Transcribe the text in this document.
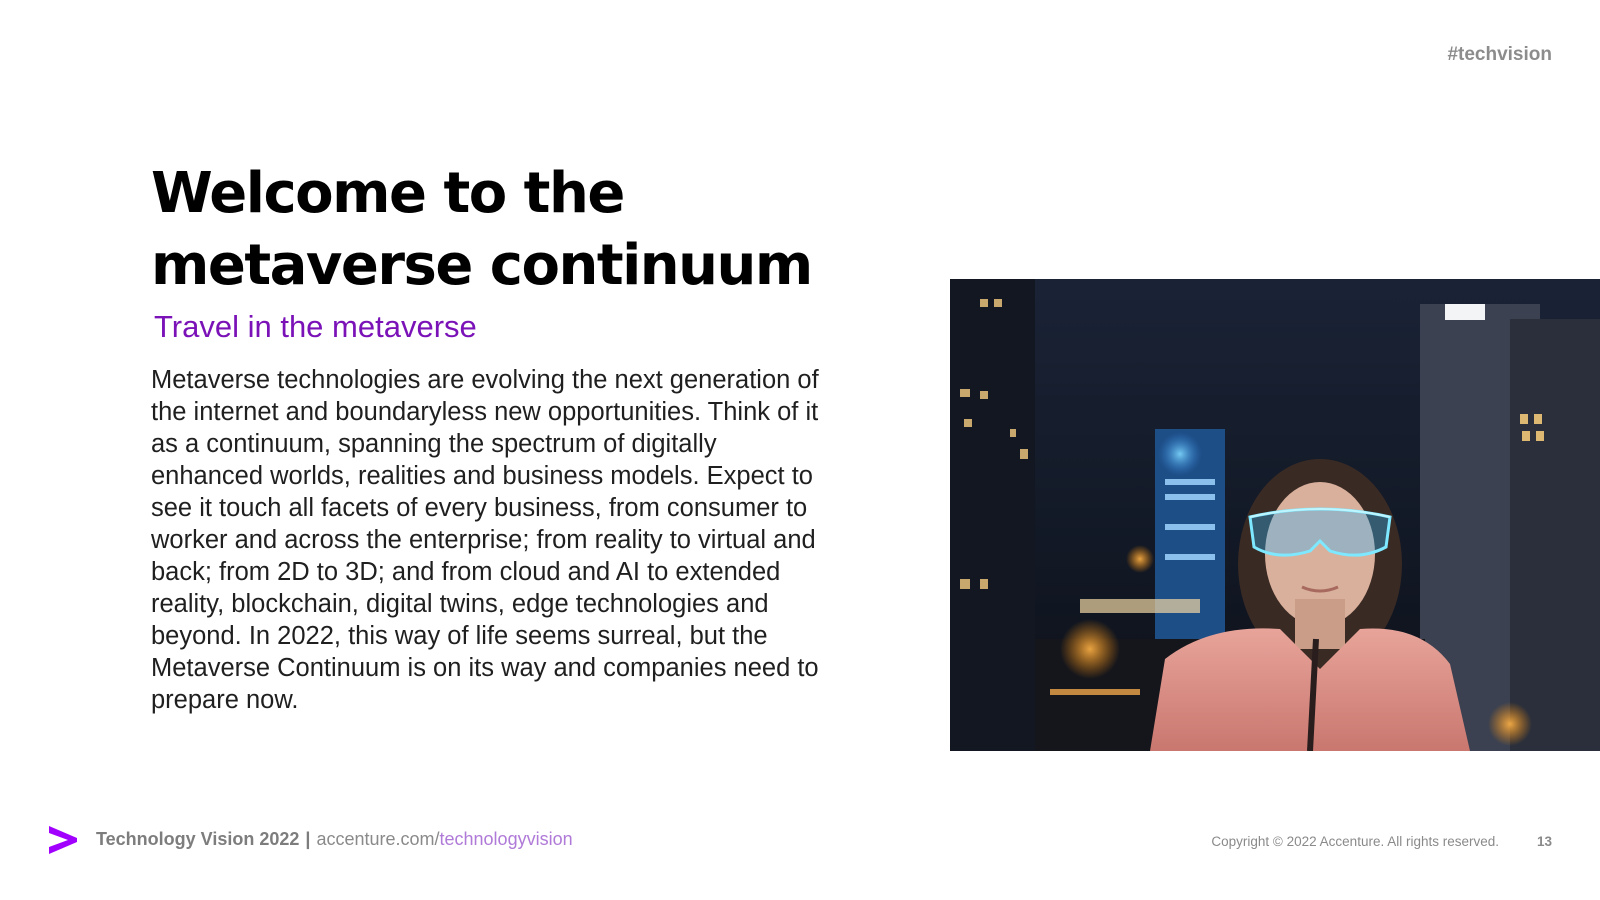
#techvision
Welcome to the
metaverse continuum
Travel in the metaverse

Metaverse technologies are evolving the next generation of the internet and boundaryless new opportunities. Think of it as a continuum, spanning the spectrum of digitally enhanced worlds, realities and business models. Expect to see it touch all facets of every business, from consumer to worker and across the enterprise; from reality to virtual and back; from 2D to 3D; and from cloud and AI to extended reality, blockchain, digital twins, edge technologies and beyond. In 2022, this way of life seems surreal, but the Metaverse Continuum is on its way and companies need to prepare now.

Technology Vision 2022 | accenture.com/technologyvision	Copyright © 2022 Accenture. All rights reserved.	13
